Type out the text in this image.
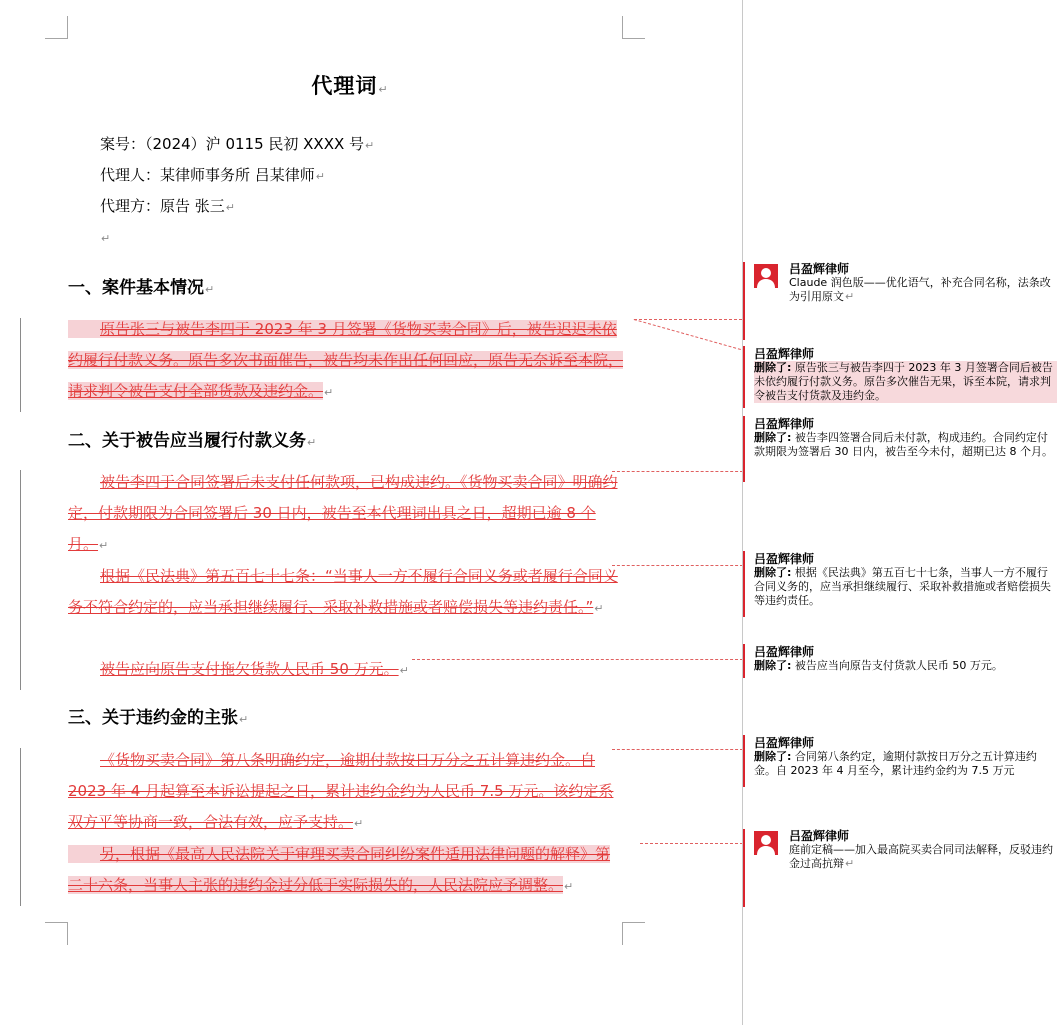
代理词↵
案号：（2024）沪 0115 民初 XXXX 号↵
代理人：某律师事务所 吕某律师↵
代理方：原告 张三↵
↵
一、案件基本情况↵
原告张三与被告李四于 2023 年 3 月签署《货物买卖合同》后，被告迟迟未依约履行付款义务。原告多次书面催告，被告均未作出任何回应，原告无奈诉至本院，请求判令被告支付全部货款及违约金。↵
二、关于被告应当履行付款义务↵
被告李四于合同签署后未支付任何款项，已构成违约。《货物买卖合同》明确约定，付款期限为合同签署后 30 日内，被告至本代理词出具之日，超期已逾 8 个月。↵
根据《民法典》第五百七十七条：“当事人一方不履行合同义务或者履行合同义务不符合约定的，应当承担继续履行、采取补救措施或者赔偿损失等违约责任。”↵
被告应向原告支付拖欠货款人民币 50 万元。↵
三、关于违约金的主张↵
《货物买卖合同》第八条明确约定，逾期付款按日万分之五计算违约金。自 2023 年 4 月起算至本诉讼提起之日，累计违约金约为人民币 7.5 万元。该约定系双方平等协商一致，合法有效，应予支持。↵
另，根据《最高人民法院关于审理买卖合同纠纷案件适用法律问题的解释》第二十六条，当事人主张的违约金过分低于实际损失的，人民法院应予调整。↵
吕盈辉律师
Claude 润色版——优化语气，补充合同名称，法条改为引用原文↵
吕盈辉律师
删除了: 原告张三与被告李四于 2023 年 3 月签署合同后被告未依约履行付款义务。原告多次催告无果，诉至本院，请求判令被告支付货款及违约金。
吕盈辉律师
删除了: 被告李四签署合同后未付款，构成违约。合同约定付款期限为签署后 30 日内，被告至今未付，超期已达 8 个月。
吕盈辉律师
删除了: 根据《民法典》第五百七十七条，当事人一方不履行合同义务的，应当承担继续履行、采取补救措施或者赔偿损失等违约责任。
吕盈辉律师
删除了: 被告应当向原告支付货款人民币 50 万元。
吕盈辉律师
删除了: 合同第八条约定，逾期付款按日万分之五计算违约金。自 2023 年 4 月至今，累计违约金约为 7.5 万元
吕盈辉律师
庭前定稿——加入最高院买卖合同司法解释，反驳违约金过高抗辩↵
